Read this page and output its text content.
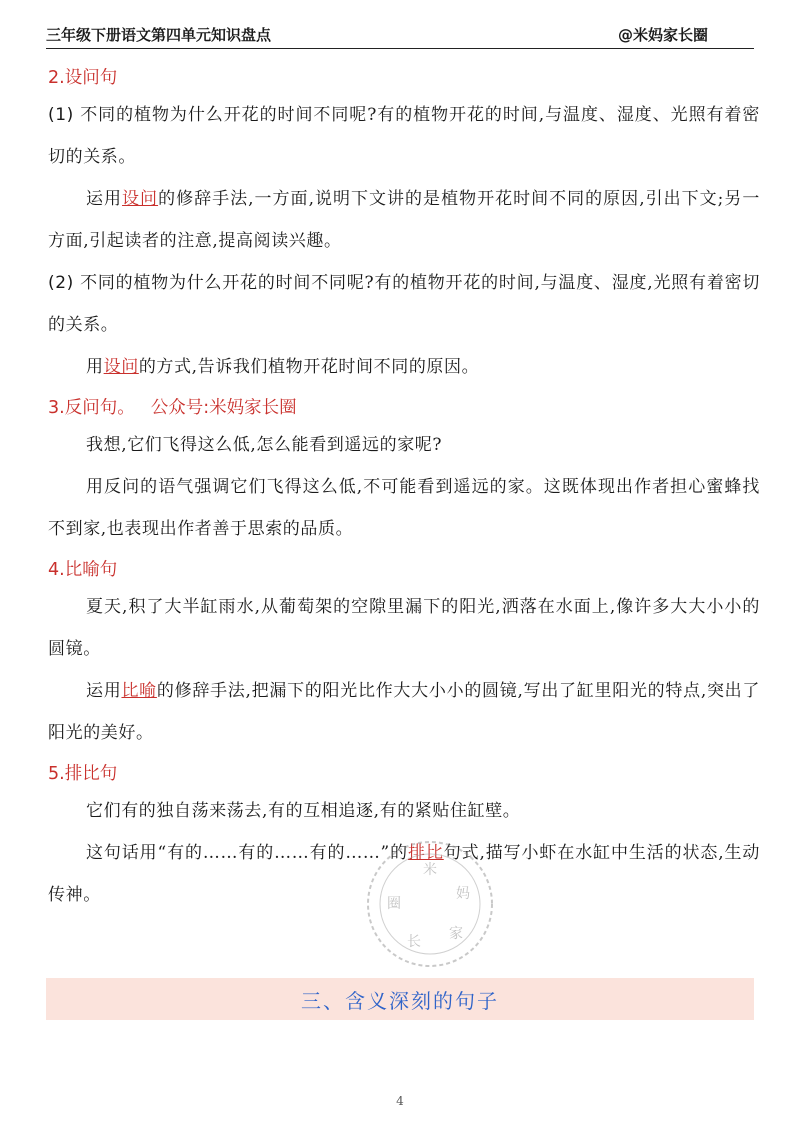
三年级下册语文第四单元知识盘点	@米妈家长圈
2.设问句
(1) 不同的植物为什么开花的时间不同呢?有的植物开花的时间,与温度、湿度、光照有着密切的关系。
运用设问的修辞手法,一方面,说明下文讲的是植物开花时间不同的原因,引出下文;另一方面,引起读者的注意,提高阅读兴趣。
(2) 不同的植物为什么开花的时间不同呢?有的植物开花的时间,与温度、湿度,光照有着密切的关系。
用设问的方式,告诉我们植物开花时间不同的原因。
3.反问句。 公众号:米妈家长圈
我想,它们飞得这么低,怎么能看到遥远的家呢?
用反问的语气强调它们飞得这么低,不可能看到遥远的家。这既体现出作者担心蜜蜂找不到家,也表现出作者善于思索的品质。
4.比喻句
夏天,积了大半缸雨水,从葡萄架的空隙里漏下的阳光,洒落在水面上,像许多大大小小的圆镜。
运用比喻的修辞手法,把漏下的阳光比作大大小小的圆镜,写出了缸里阳光的特点,突出了阳光的美好。
5.排比句
它们有的独自荡来荡去,有的互相追逐,有的紧贴住缸壁。
这句话用“有的……有的……有的……”的排比句式,描写小虾在水缸中生活的状态,生动传神。
米
妈
家
长
圈
三、含义深刻的句子
4
